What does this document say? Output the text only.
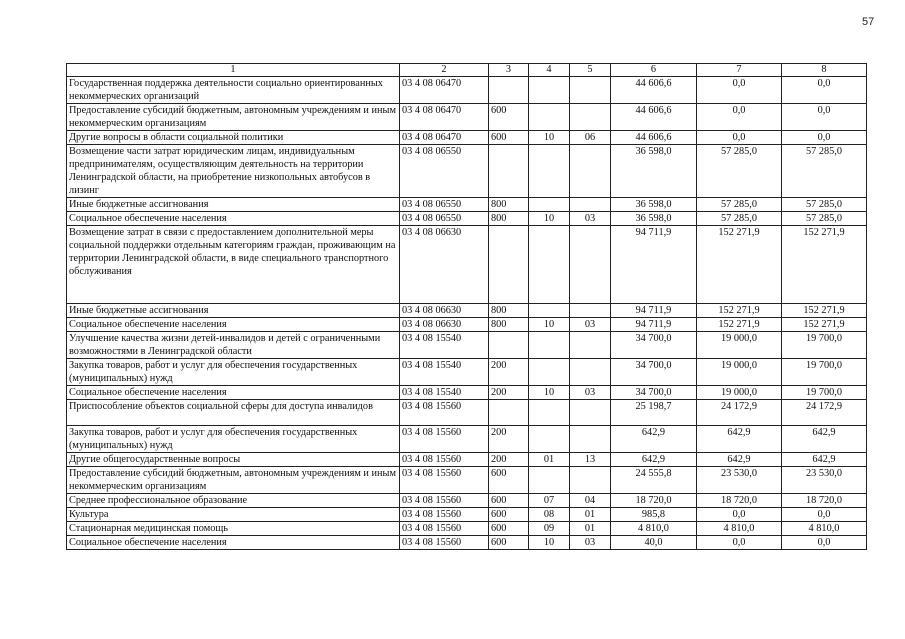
57
1	2	3	4	5	6	7	8
Государственная поддержка деятельности социально ориентированных некоммерческих организаций	03 4 08 06470				44 606,6	0,0	0,0
Предоставление субсидий бюджетным, автономным учреждениям и иным некоммерческим организациям	03 4 08 06470	600			44 606,6	0,0	0,0
Другие вопросы в области социальной политики	03 4 08 06470	600	10	06	44 606,6	0,0	0,0
Возмещение части затрат юридическим лицам, индивидуальным предпринимателям, осуществляющим деятельность на территории Ленинградской области, на приобретение низкопольных автобусов в лизинг	03 4 08 06550				36 598,0	57 285,0	57 285,0
Иные бюджетные ассигнования	03 4 08 06550	800			36 598,0	57 285,0	57 285,0
Социальное обеспечение населения	03 4 08 06550	800	10	03	36 598,0	57 285,0	57 285,0
Возмещение затрат в связи с предоставлением дополнительной меры социальной поддержки отдельным категориям граждан, проживающим на территории Ленинградской области, в виде специального транспортного обслуживания	03 4 08 06630				94 711,9	152 271,9	152 271,9
Иные бюджетные ассигнования	03 4 08 06630	800			94 711,9	152 271,9	152 271,9
Социальное обеспечение населения	03 4 08 06630	800	10	03	94 711,9	152 271,9	152 271,9
Улучшение качества жизни детей-инвалидов и детей с ограниченными возможностями в Ленинградской области	03 4 08 15540				34 700,0	19 000,0	19 700,0
Закупка товаров, работ и услуг для обеспечения государственных (муниципальных) нужд	03 4 08 15540	200			34 700,0	19 000,0	19 700,0
Социальное обеспечение населения	03 4 08 15540	200	10	03	34 700,0	19 000,0	19 700,0
Приспособление объектов социальной сферы для доступа инвалидов	03 4 08 15560				25 198,7	24 172,9	24 172,9
Закупка товаров, работ и услуг для обеспечения государственных (муниципальных) нужд	03 4 08 15560	200			642,9	642,9	642,9
Другие общегосударственные вопросы	03 4 08 15560	200	01	13	642,9	642,9	642,9
Предоставление субсидий бюджетным, автономным учреждениям и иным некоммерческим организациям	03 4 08 15560	600			24 555,8	23 530,0	23 530,0
Среднее профессиональное образование	03 4 08 15560	600	07	04	18 720,0	18 720,0	18 720,0
Культура	03 4 08 15560	600	08	01	985,8	0,0	0,0
Стационарная медицинская помощь	03 4 08 15560	600	09	01	4 810,0	4 810,0	4 810,0
Социальное обеспечение населения	03 4 08 15560	600	10	03	40,0	0,0	0,0
